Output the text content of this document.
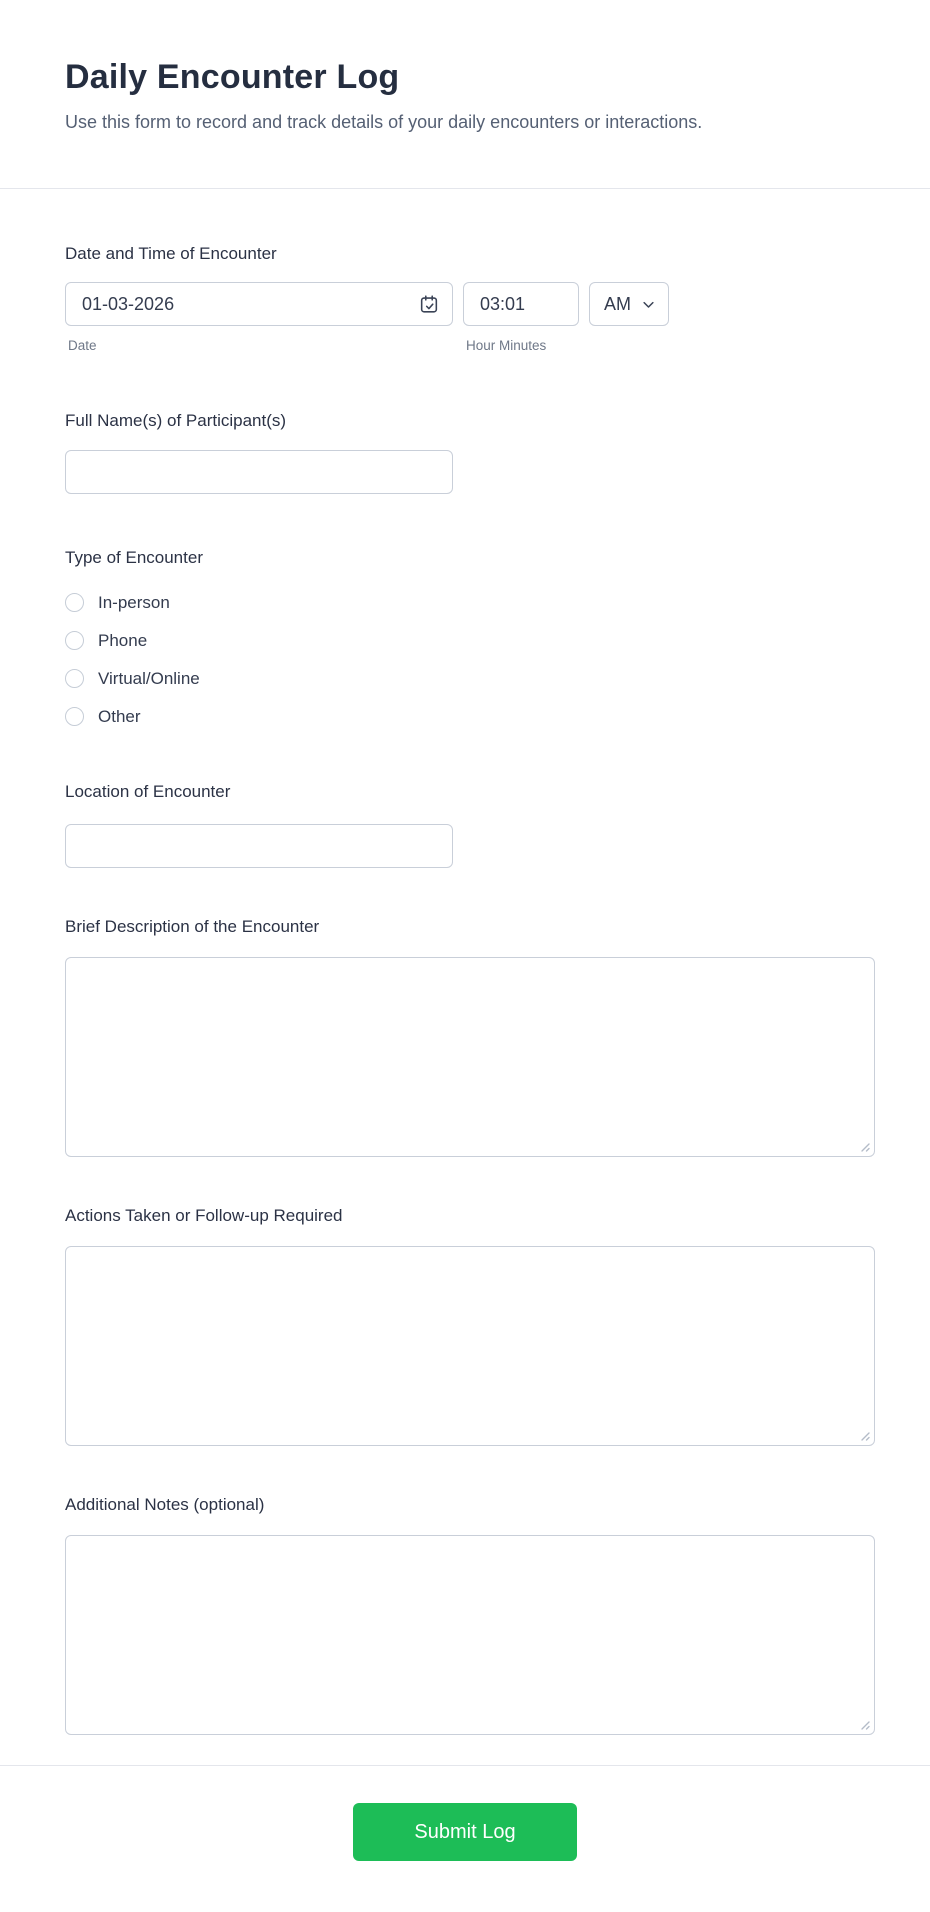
Daily Encounter Log

Use this form to record and track details of your daily encounters or interactions.

Date and Time of Encounter
01-03-2026
03:01
AM
Date	Hour Minutes
Full Name(s) of Participant(s)
Type of Encounter
In-person
Phone
Virtual/Online
Other
Location of Encounter
Brief Description of the Encounter
Actions Taken or Follow-up Required
Additional Notes (optional)
Submit Log
